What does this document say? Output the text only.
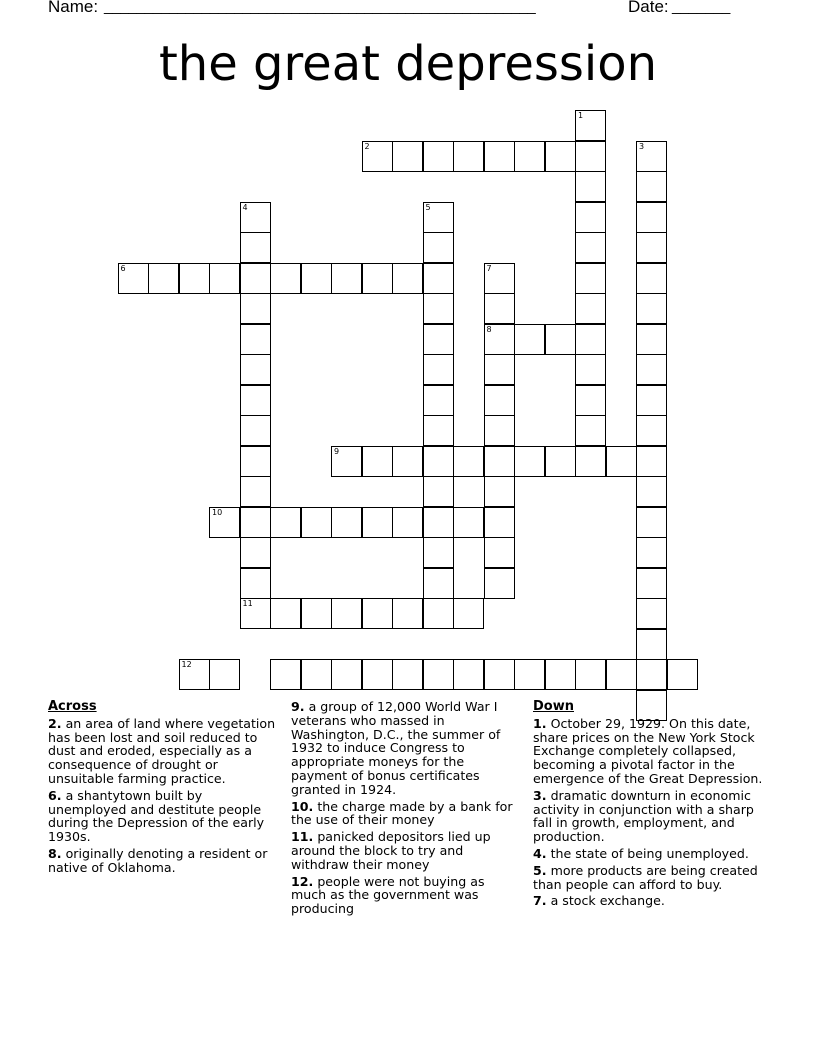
Name: _____________________________________________________	Date: _______
the great depression
1
2	3
4	5
6	7
8
9
10
11
12
Across
2. an area of land where vegetation has been lost and soil reduced to dust and eroded, especially as a consequence of drought or unsuitable farming practice.
6. a shantytown built by unemployed and destitute people during the Depression of the early 1930s.
8. originally denoting a resident or native of Oklahoma.
9. a group of 12,000 World War I veterans who massed in Washington, D.C., the summer of 1932 to induce Congress to appropriate moneys for the payment of bonus certificates granted in 1924.
10. the charge made by a bank for the use of their money
11. panicked depositors lied up around the block to try and withdraw their money
12. people were not buying as much as the government was producing
Down
1. October 29, 1929. On this date, share prices on the New York Stock Exchange completely collapsed, becoming a pivotal factor in the emergence of the Great Depression.
3. dramatic downturn in economic activity in conjunction with a sharp fall in growth, employment, and production.
4. the state of being unemployed.
5. more products are being created than people can afford to buy.
7. a stock exchange.
